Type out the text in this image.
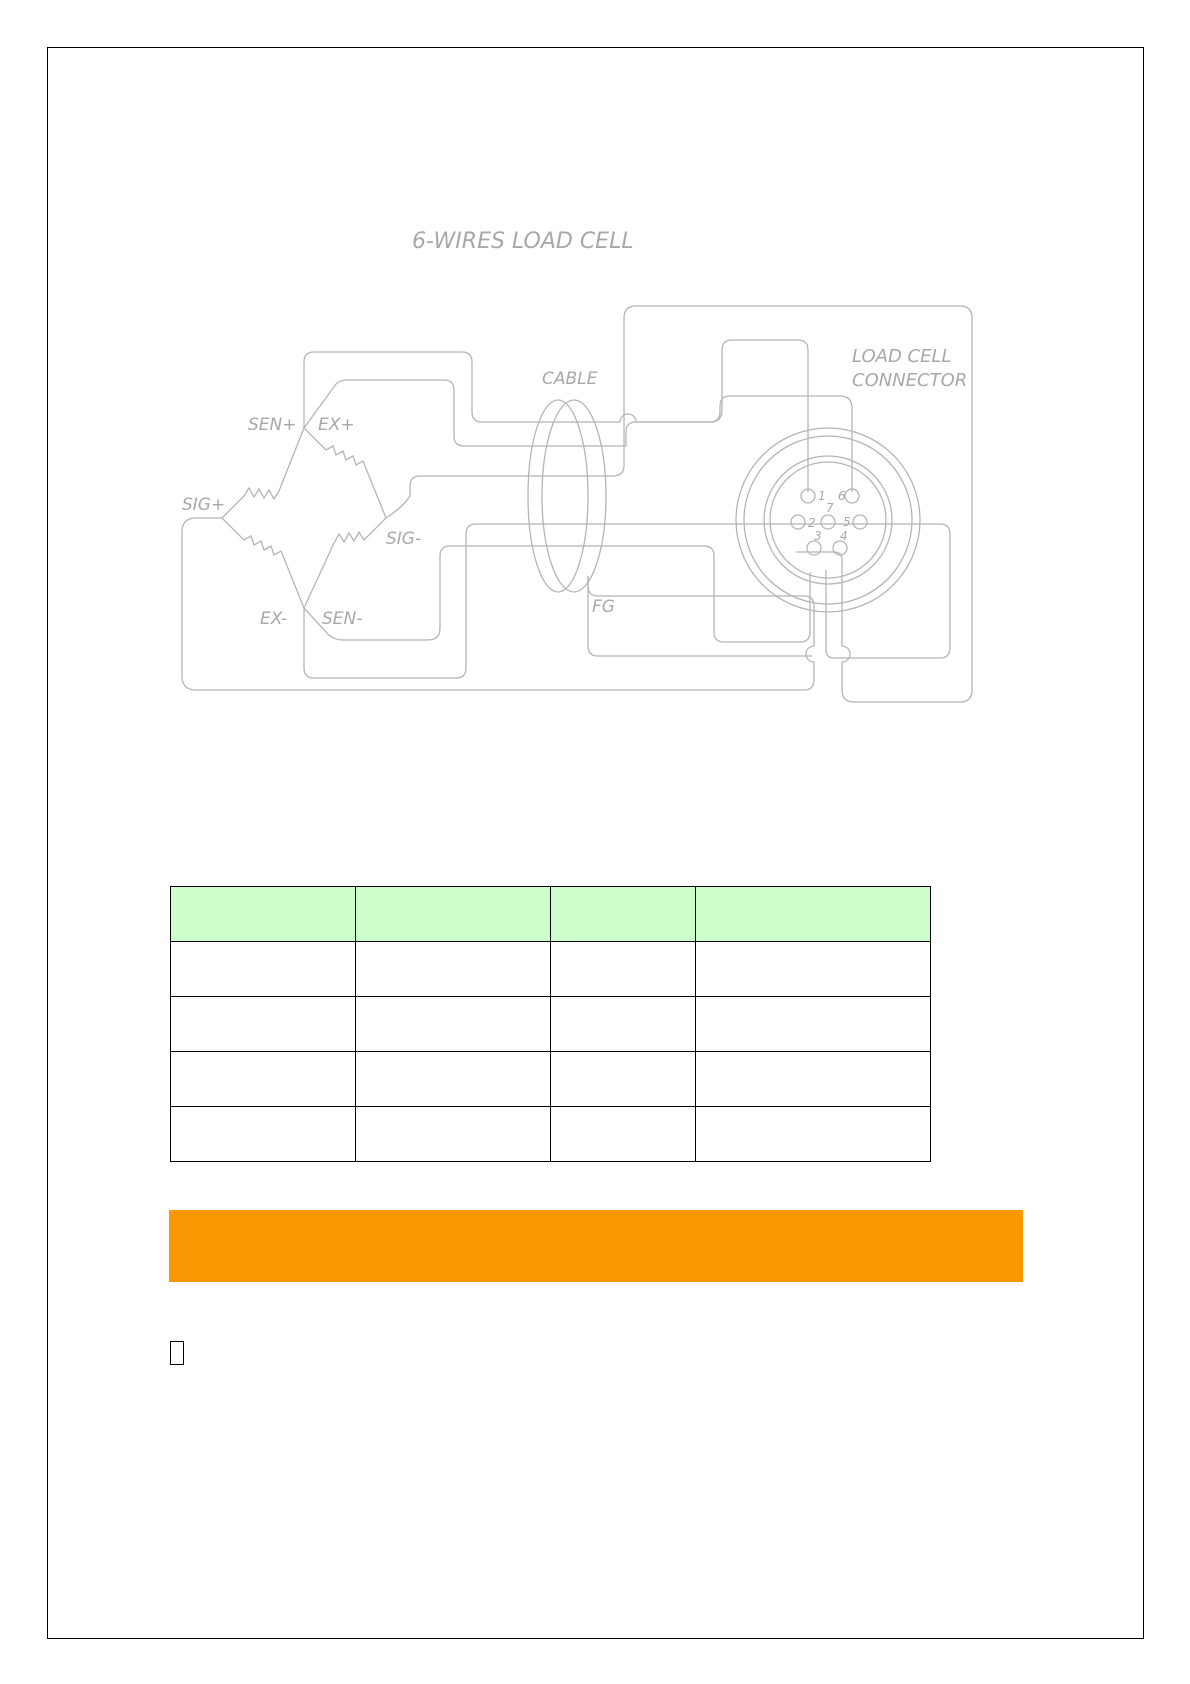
6-WIRES LOAD CELL
SEN+ EX+
SIG+
SIG-
EX- SEN-
CABLE
FG
1 6
2 5
7
3 4
LOAD CELL
CONNECTOR
